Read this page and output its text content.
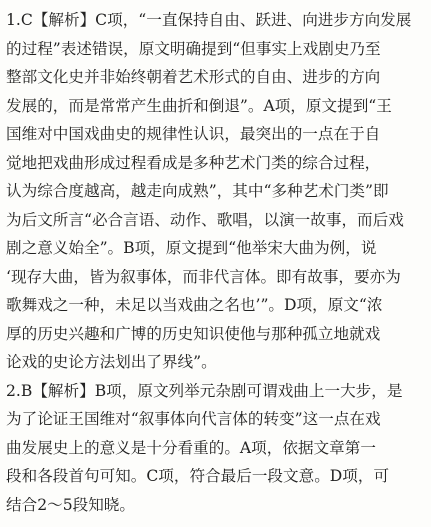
1.C【解析】C项，“一直保持自由、跃进、向进步方向发展
的过程”表述错误，原文明确提到“但事实上戏剧史乃至
整部文化史并非始终朝着艺术形式的自由、进步的方向
发展的，而是常常产生曲折和倒退”。A项，原文提到“王
国维对中国戏曲史的规律性认识，最突出的一点在于自
觉地把戏曲形成过程看成是多种艺术门类的综合过程，
认为综合度越高，越走向成熟”，其中“多种艺术门类”即
为后文所言“必合言语、动作、歌唱，以演一故事，而后戏
剧之意义始全”。B项，原文提到“他举宋大曲为例，说
‘现存大曲，皆为叙事体，而非代言体。即有故事，要亦为
歌舞戏之一种，未足以当戏曲之名也’”。D项，原文“浓
厚的历史兴趣和广博的历史知识使他与那种孤立地就戏
论戏的史论方法划出了界线”。
2.B【解析】B项，原文列举元杂剧可谓戏曲上一大步，是
为了论证王国维对“叙事体向代言体的转变”这一点在戏
曲发展史上的意义是十分看重的。A项，依据文章第一
段和各段首句可知。C项，符合最后一段文意。D项，可
结合2～5段知晓。
